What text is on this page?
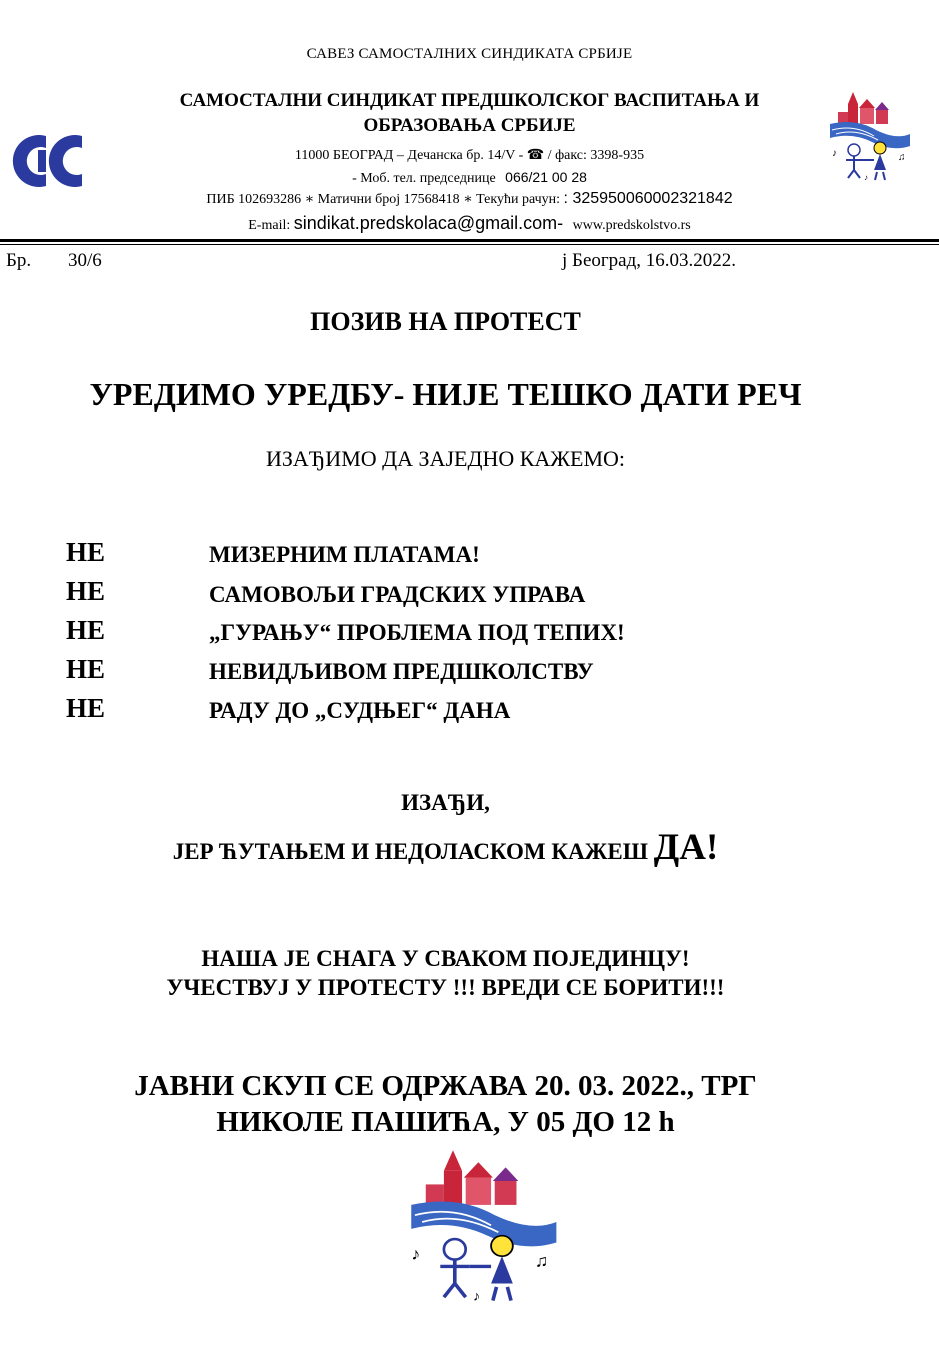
САВЕЗ САМОСТАЛНИХ СИНДИКАТА СРБИЈЕ
САМОСТАЛНИ СИНДИКАТ ПРЕДШКОЛСКОГ ВАСПИТАЊА И
ОБРАЗОВАЊА СРБИЈЕ
♪	♫
♪
11000 БЕОГРАД – Дечанска бр. 14/V - ☎ / факс: 3398-935
- Моб. тел. председнице 066/21 00 28
ПИБ 102693286 ∗ Матични број 17568418 ∗ Текући рачун: : 325950060002321842
E-mail: sindikat.predskolaca@gmail.com- www.predskolstvo.rs
Бр. 30/6	ј Београд, 16.03.2022.
ПОЗИВ НА ПРОТЕСТ
УРЕДИМО УРЕДБУ- НИЈЕ ТЕШКО ДАТИ РЕЧ
ИЗАЂИМО ДА ЗАЈЕДНО КАЖЕМО:
НЕ	МИЗЕРНИМ ПЛАТАМА!
НЕ	САМОВОЉИ ГРАДСКИХ УПРАВА
НЕ	„ГУРАЊУ“ ПРОБЛЕМА ПОД ТЕПИХ!
НЕ	НЕВИДЉИВОМ ПРЕДШКОЛСТВУ
НЕ	РАДУ ДО „СУДЊЕГ“ ДАНА
ИЗАЂИ,
ЈЕР ЋУТАЊЕМ И НЕДОЛАСКОМ КАЖЕШ ДА!
НАША ЈЕ СНАГА У СВАКОМ ПОЈЕДИНЦУ!
УЧЕСТВУЈ У ПРОТЕСТУ !!! ВРЕДИ СЕ БОРИТИ!!!
ЈАВНИ СКУП СЕ ОДРЖАВА 20. 03. 2022., ТРГ
НИКОЛЕ ПАШИЋА, У 05 ДО 12 h
♪	♫
♪
